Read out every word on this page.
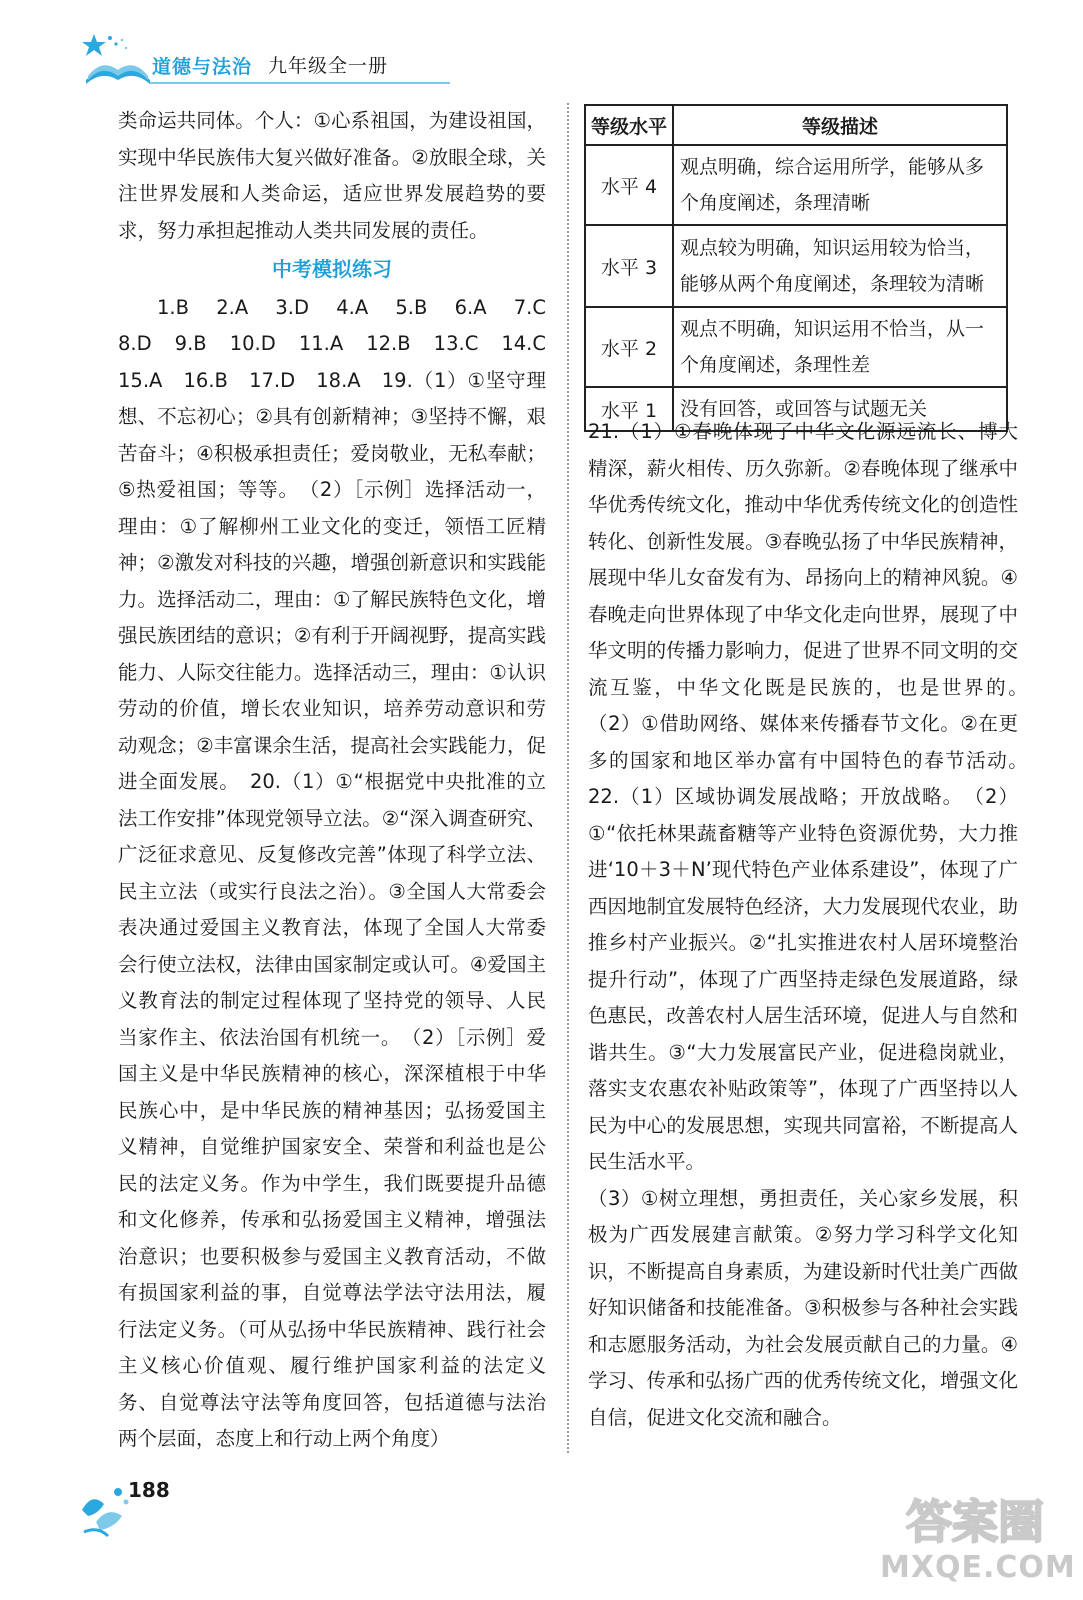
道德与法治 九年级全一册

类命运共同体。个人：①心系祖国，为建设祖国，实现中华民族伟大复兴做好准备。②放眼全球，关注世界发展和人类命运，适应世界发展趋势的要求，努力承担起推动人类共同发展的责任。

中考模拟练习

1.B　2.A　3.D　4.A　5.B　6.A　7.C　8.D　9.B　10.D　11.A　12.B　13.C　14.C　15.A　16.B　17.D　18.A　19.（1）①坚守理想、不忘初心；②具有创新精神；③坚持不懈，艰苦奋斗；④积极承担责任；爱岗敬业，无私奉献；⑤热爱祖国；等等。　（2）［示例］选择活动一，理由：①了解柳州工业文化的变迁，领悟工匠精神；②激发对科技的兴趣，增强创新意识和实践能力。选择活动二，理由：①了解民族特色文化，增强民族团结的意识；②有利于开阔视野，提高实践能力、人际交往能力。选择活动三，理由：①认识劳动的价值，增长农业知识，培养劳动意识和劳动观念；②丰富课余生活，提高社会实践能力，促进全面发展。　20.（1）①“根据党中央批准的立法工作安排”体现党领导立法。②“深入调查研究、广泛征求意见、反复修改完善”体现了科学立法、民主立法（或实行良法之治）。③全国人大常委会表决通过爱国主义教育法，体现了全国人大常委会行使立法权，法律由国家制定或认可。④爱国主义教育法的制定过程体现了坚持党的领导、人民当家作主、依法治国有机统一。　（2）［示例］爱国主义是中华民族精神的核心，深深植根于中华民族心中，是中华民族的精神基因；弘扬爱国主义精神，自觉维护国家安全、荣誉和利益也是公民的法定义务。作为中学生，我们既要提升品德和文化修养，传承和弘扬爱国主义精神，增强法治意识；也要积极参与爱国主义教育活动，不做有损国家利益的事，自觉尊法学法守法用法，履行法定义务。（可从弘扬中华民族精神、践行社会主义核心价值观、履行维护国家利益的法定义务、自觉尊法守法等角度回答，包括道德与法治两个层面，态度上和行动上两个角度）

等级水平	等级描述
水平 4	观点明确，综合运用所学，能够从多个角度阐述，条理清晰
水平 3	观点较为明确，知识运用较为恰当，能够从两个角度阐述，条理较为清晰
水平 2	观点不明确，知识运用不恰当，从一个角度阐述，条理性差
水平 1	没有回答，或回答与试题无关

21.（1）①春晚体现了中华文化源远流长、博大精深，薪火相传、历久弥新。②春晚体现了继承中华优秀传统文化，推动中华优秀传统文化的创造性转化、创新性发展。③春晚弘扬了中华民族精神，展现中华儿女奋发有为、昂扬向上的精神风貌。④春晚走向世界体现了中华文化走向世界，展现了中华文明的传播力影响力，促进了世界不同文明的交流互鉴，中华文化既是民族的，也是世界的。　（2）①借助网络、媒体来传播春节文化。②在更多的国家和地区举办富有中国特色的春节活动。　22.（1）区域协调发展战略；开放战略。　（2）①“依托林果蔬畜糖等产业特色资源优势，大力推进‘10＋3＋N’现代特色产业体系建设”，体现了广西因地制宜发展特色经济，大力发展现代农业，助推乡村产业振兴。②“扎实推进农村人居环境整治提升行动”，体现了广西坚持走绿色发展道路，绿色惠民，改善农村人居生活环境，促进人与自然和谐共生。③“大力发展富民产业，促进稳岗就业，落实支农惠农补贴政策等”，体现了广西坚持以人民为中心的发展思想，实现共同富裕，不断提高人民生活水平。

（3）①树立理想，勇担责任，关心家乡发展，积极为广西发展建言献策。②努力学习科学文化知识，不断提高自身素质，为建设新时代壮美广西做好知识储备和技能准备。③积极参与各种社会实践和志愿服务活动，为社会发展贡献自己的力量。④学习、传承和弘扬广西的优秀传统文化，增强文化自信，促进文化交流和融合。

188
答案圈
MXQE.COM
